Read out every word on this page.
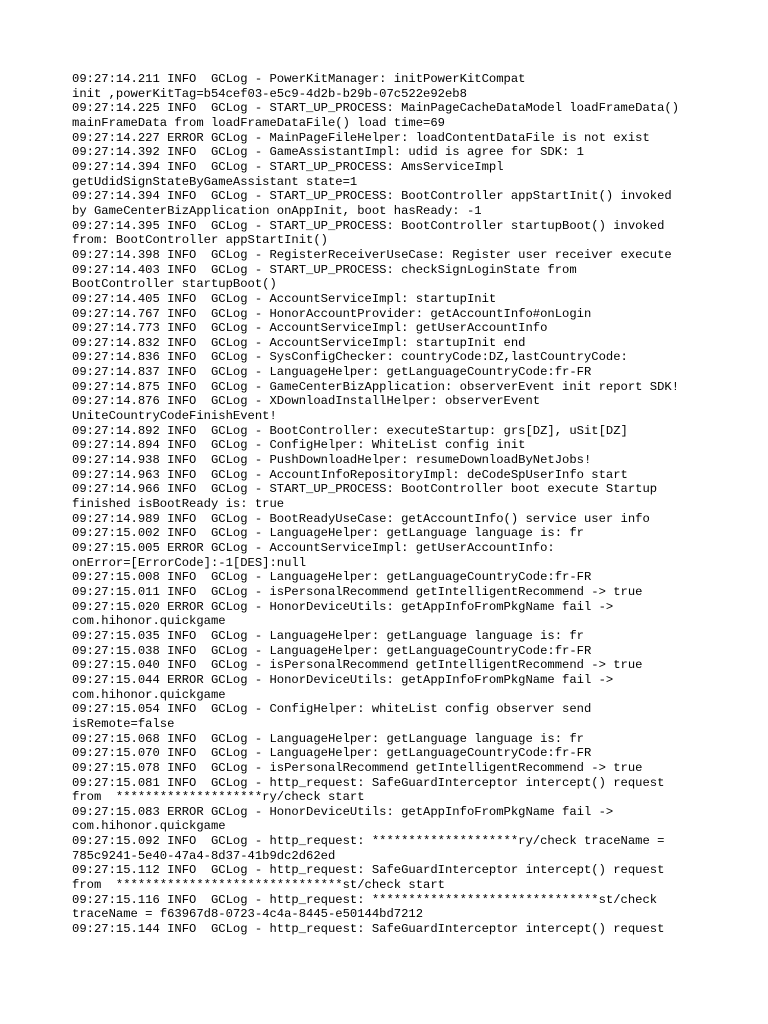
09:27:14.211 INFO  GCLog - PowerKitManager: initPowerKitCompat
init ,powerKitTag=b54cef03-e5c9-4d2b-b29b-07c522e92eb8
09:27:14.225 INFO  GCLog - START_UP_PROCESS: MainPageCacheDataModel loadFrameData()
mainFrameData from loadFrameDataFile() load time=69
09:27:14.227 ERROR GCLog - MainPageFileHelper: loadContentDataFile is not exist
09:27:14.392 INFO  GCLog - GameAssistantImpl: udid is agree for SDK: 1
09:27:14.394 INFO  GCLog - START_UP_PROCESS: AmsServiceImpl
getUdidSignStateByGameAssistant state=1
09:27:14.394 INFO  GCLog - START_UP_PROCESS: BootController appStartInit() invoked
by GameCenterBizApplication onAppInit, boot hasReady: -1
09:27:14.395 INFO  GCLog - START_UP_PROCESS: BootController startupBoot() invoked
from: BootController appStartInit()
09:27:14.398 INFO  GCLog - RegisterReceiverUseCase: Register user receiver execute
09:27:14.403 INFO  GCLog - START_UP_PROCESS: checkSignLoginState from
BootController startupBoot()
09:27:14.405 INFO  GCLog - AccountServiceImpl: startupInit
09:27:14.767 INFO  GCLog - HonorAccountProvider: getAccountInfo#onLogin
09:27:14.773 INFO  GCLog - AccountServiceImpl: getUserAccountInfo
09:27:14.832 INFO  GCLog - AccountServiceImpl: startupInit end
09:27:14.836 INFO  GCLog - SysConfigChecker: countryCode:DZ,lastCountryCode:
09:27:14.837 INFO  GCLog - LanguageHelper: getLanguageCountryCode:fr-FR
09:27:14.875 INFO  GCLog - GameCenterBizApplication: observerEvent init report SDK!
09:27:14.876 INFO  GCLog - XDownloadInstallHelper: observerEvent
UniteCountryCodeFinishEvent!
09:27:14.892 INFO  GCLog - BootController: executeStartup: grs[DZ], uSit[DZ]
09:27:14.894 INFO  GCLog - ConfigHelper: WhiteList config init
09:27:14.938 INFO  GCLog - PushDownloadHelper: resumeDownloadByNetJobs!
09:27:14.963 INFO  GCLog - AccountInfoRepositoryImpl: deCodeSpUserInfo start
09:27:14.966 INFO  GCLog - START_UP_PROCESS: BootController boot execute Startup
finished isBootReady is: true
09:27:14.989 INFO  GCLog - BootReadyUseCase: getAccountInfo() service user info
09:27:15.002 INFO  GCLog - LanguageHelper: getLanguage language is: fr
09:27:15.005 ERROR GCLog - AccountServiceImpl: getUserAccountInfo:
onError=[ErrorCode]:-1[DES]:null
09:27:15.008 INFO  GCLog - LanguageHelper: getLanguageCountryCode:fr-FR
09:27:15.011 INFO  GCLog - isPersonalRecommend getIntelligentRecommend -> true
09:27:15.020 ERROR GCLog - HonorDeviceUtils: getAppInfoFromPkgName fail ->
com.hihonor.quickgame
09:27:15.035 INFO  GCLog - LanguageHelper: getLanguage language is: fr
09:27:15.038 INFO  GCLog - LanguageHelper: getLanguageCountryCode:fr-FR
09:27:15.040 INFO  GCLog - isPersonalRecommend getIntelligentRecommend -> true
09:27:15.044 ERROR GCLog - HonorDeviceUtils: getAppInfoFromPkgName fail ->
com.hihonor.quickgame
09:27:15.054 INFO  GCLog - ConfigHelper: whiteList config observer send
isRemote=false
09:27:15.068 INFO  GCLog - LanguageHelper: getLanguage language is: fr
09:27:15.070 INFO  GCLog - LanguageHelper: getLanguageCountryCode:fr-FR
09:27:15.078 INFO  GCLog - isPersonalRecommend getIntelligentRecommend -> true
09:27:15.081 INFO  GCLog - http_request: SafeGuardInterceptor intercept() request
from  ********************ry/check start
09:27:15.083 ERROR GCLog - HonorDeviceUtils: getAppInfoFromPkgName fail ->
com.hihonor.quickgame
09:27:15.092 INFO  GCLog - http_request: ********************ry/check traceName =
785c9241-5e40-47a4-8d37-41b9dc2d62ed
09:27:15.112 INFO  GCLog - http_request: SafeGuardInterceptor intercept() request
from  *******************************st/check start
09:27:15.116 INFO  GCLog - http_request: *******************************st/check
traceName = f63967d8-0723-4c4a-8445-e50144bd7212
09:27:15.144 INFO  GCLog - http_request: SafeGuardInterceptor intercept() request
